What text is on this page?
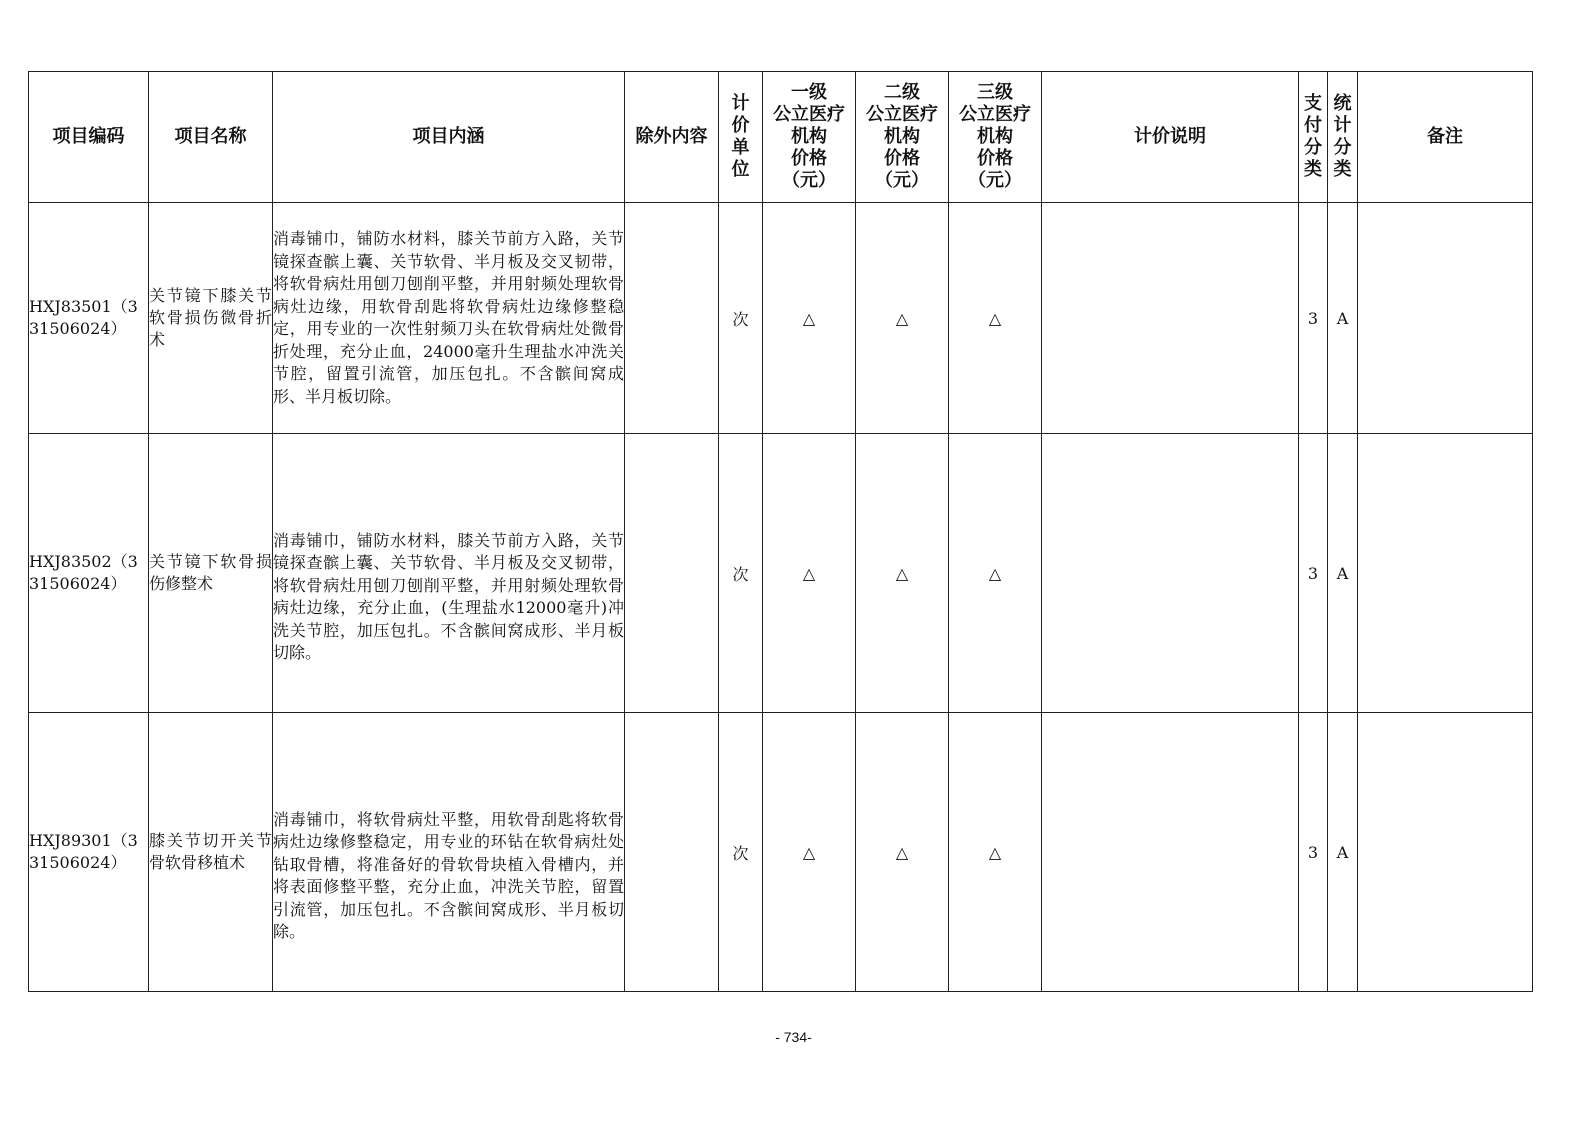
项目编码	项目名称	项目内涵	除外内容	计价单位	一级
公立医疗
机构
价格
（元）	二级
公立医疗
机构
价格
（元）	三级
公立医疗
机构
价格
（元）	计价说明	支付分类	统计分类	备注
HXJ83501（331506024）	关节镜下膝关节软骨损伤微骨折术	消毒铺巾，铺防水材料，膝关节前方入路，关节镜探查髌上囊、关节软骨、半月板及交叉韧带，将软骨病灶用刨刀刨削平整，并用射频处理软骨病灶边缘，用软骨刮匙将软骨病灶边缘修整稳定，用专业的一次性射频刀头在软骨病灶处微骨折处理，充分止血，24000毫升生理盐水冲洗关节腔，留置引流管，加压包扎。不含髌间窝成形、半月板切除。		次	△	△	△		3	A	
HXJ83502（331506024）	关节镜下软骨损伤修整术	消毒铺巾，铺防水材料，膝关节前方入路，关节镜探查髌上囊、关节软骨、半月板及交叉韧带，将软骨病灶用刨刀刨削平整，并用射频处理软骨病灶边缘，充分止血，(生理盐水12000毫升)冲洗关节腔，加压包扎。不含髌间窝成形、半月板切除。		次	△	△	△		3	A	
HXJ89301（331506024）	膝关节切开关节骨软骨移植术	消毒铺巾，将软骨病灶平整，用软骨刮匙将软骨病灶边缘修整稳定，用专业的环钻在软骨病灶处钻取骨槽，将准备好的骨软骨块植入骨槽内，并将表面修整平整，充分止血，冲洗关节腔，留置引流管，加压包扎。不含髌间窝成形、半月板切除。		次	△	△	△		3	A	
- 734-
